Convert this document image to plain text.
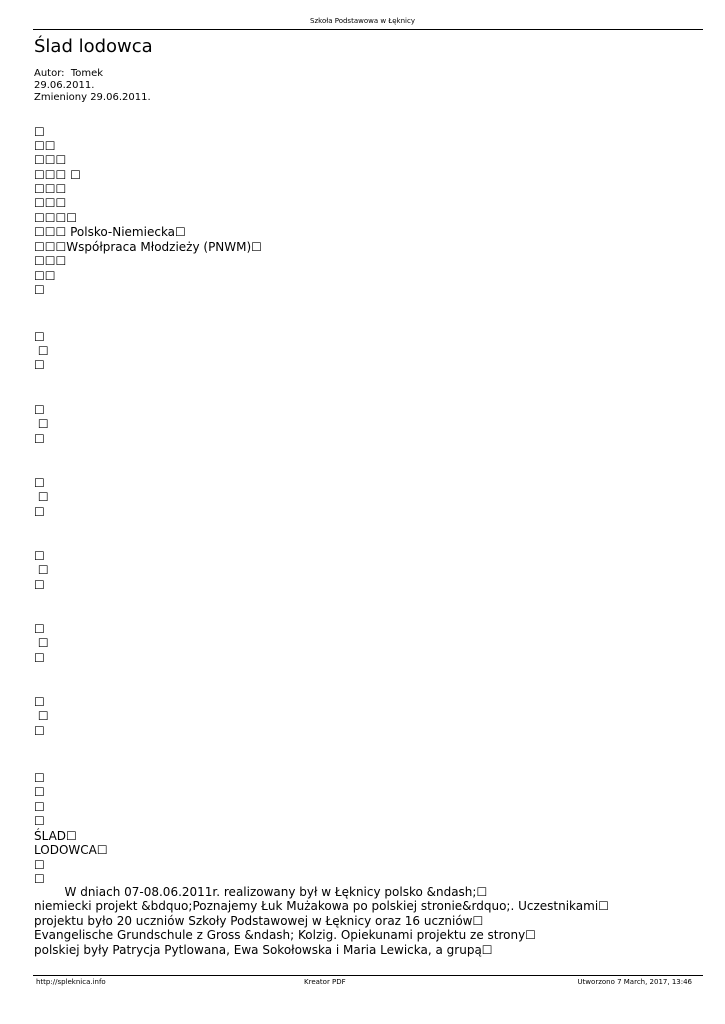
Szkoła Podstawowa w Łęknicy
Ślad lodowca
Autor:  Tomek
29.06.2011.
Zmieniony 29.06.2011.
☐
☐☐
☐☐☐
☐☐☐ ☐
☐☐☐
☐☐☐
☐☐☐☐
☐☐☐ Polsko-Niemiecka☐
☐☐☐Współpraca Młodzieży (PNWM)☐
☐☐☐
☐☐
☐
☐
☐
☐
☐
☐
☐
☐
☐
☐
☐
☐
☐
☐
☐
☐
☐
☐
☐
☐
☐
☐
☐
ŚLAD☐
LODOWCA☐
☐
☐
W dniach 07-08.06.2011r. realizowany był w Łęknicy polsko &ndash;☐
niemiecki projekt &bdquo;Poznajemy Łuk Mużakowa po polskiej stronie&rdquo;. Uczestnikami☐
projektu było 20 uczniów Szkoły Podstawowej w Łęknicy oraz 16 uczniów☐
Evangelische Grundschule z Gross &ndash; Kolzig. Opiekunami projektu ze strony☐
polskiej były Patrycja Pytlowana, Ewa Sokołowska i Maria Lewicka, a grupą☐
http://spleknica.info	Kreator PDF	Utworzono 7 March, 2017, 13:46
